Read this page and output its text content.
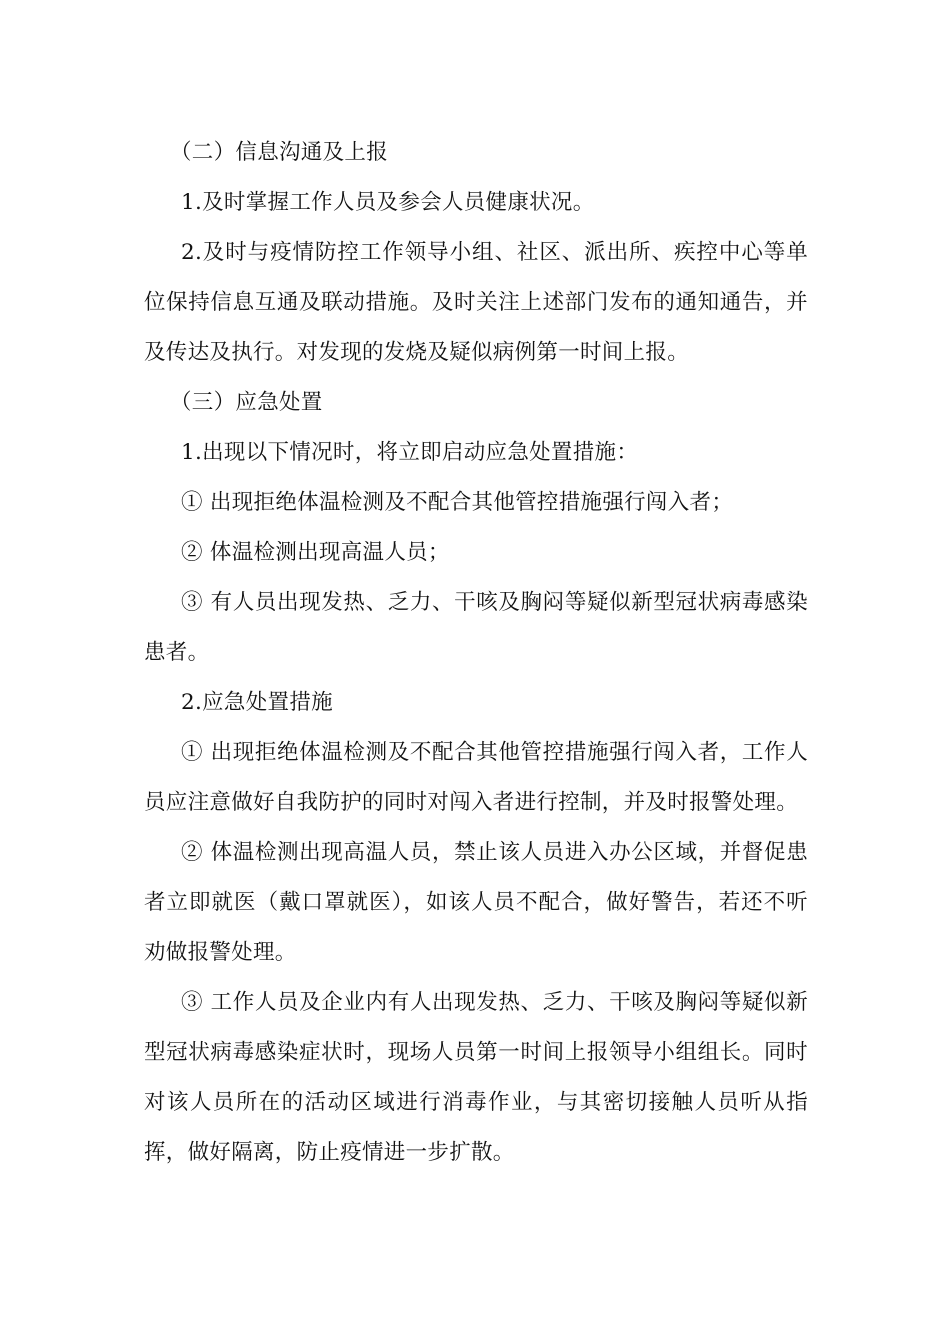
（二）信息沟通及上报

1.及时掌握工作人员及参会人员健康状况。

2.及时与疫情防控工作领导小组、社区、派出所、疾控中心等单位保持信息互通及联动措施。及时关注上述部门发布的通知通告，并及传达及执行。对发现的发烧及疑似病例第一时间上报。

（三）应急处置

1.出现以下情况时，将立即启动应急处置措施：

① 出现拒绝体温检测及不配合其他管控措施强行闯入者；

② 体温检测出现高温人员；

③ 有人员出现发热、乏力、干咳及胸闷等疑似新型冠状病毒感染患者。

2.应急处置措施

① 出现拒绝体温检测及不配合其他管控措施强行闯入者，工作人员应注意做好自我防护的同时对闯入者进行控制，并及时报警处理。

② 体温检测出现高温人员，禁止该人员进入办公区域，并督促患者立即就医（戴口罩就医），如该人员不配合，做好警告，若还不听劝做报警处理。

③ 工作人员及企业内有人出现发热、乏力、干咳及胸闷等疑似新型冠状病毒感染症状时，现场人员第一时间上报领导小组组长。同时对该人员所在的活动区域进行消毒作业，与其密切接触人员听从指挥，做好隔离，防止疫情进一步扩散。
